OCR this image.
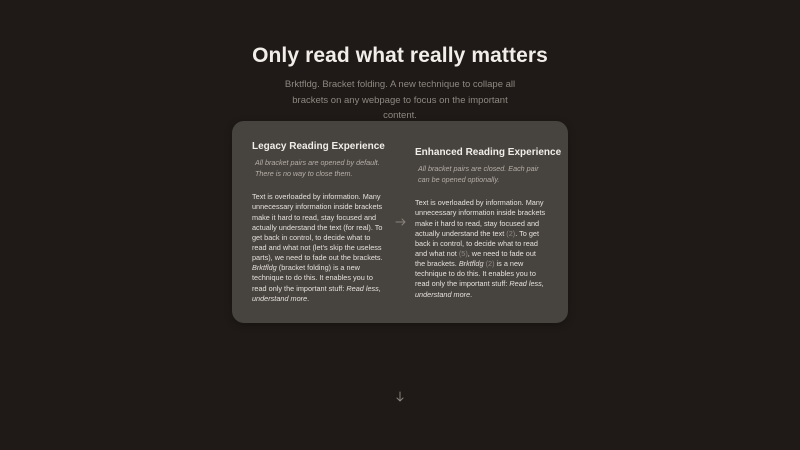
Only read what really matters
Brktfldg. Bracket folding. A new technique to collape all brackets on any webpage to focus on the important content.
Legacy Reading Experience
All bracket pairs are opened by default. There is no way to close them.

Text is overloaded by information. Many unnecessary information inside brackets make it hard to read, stay focused and actually understand the text (for real). To get back in control, to decide what to read and what not (let's skip the useless parts), we need to fade out the brackets. Brktfldg (bracket folding) is a new technique to do this. It enables you to read only the important stuff: Read less, understand more.

Enhanced Reading Experience
All bracket pairs are closed. Each pair can be opened optionally.

Text is overloaded by information. Many unnecessary information inside brackets make it hard to read, stay focused and actually understand the text (2). To get back in control, to decide what to read and what not (5), we need to fade out the brackets. Brktfldg (2) is a new technique to do this. It enables you to read only the important stuff: Read less, understand more.
